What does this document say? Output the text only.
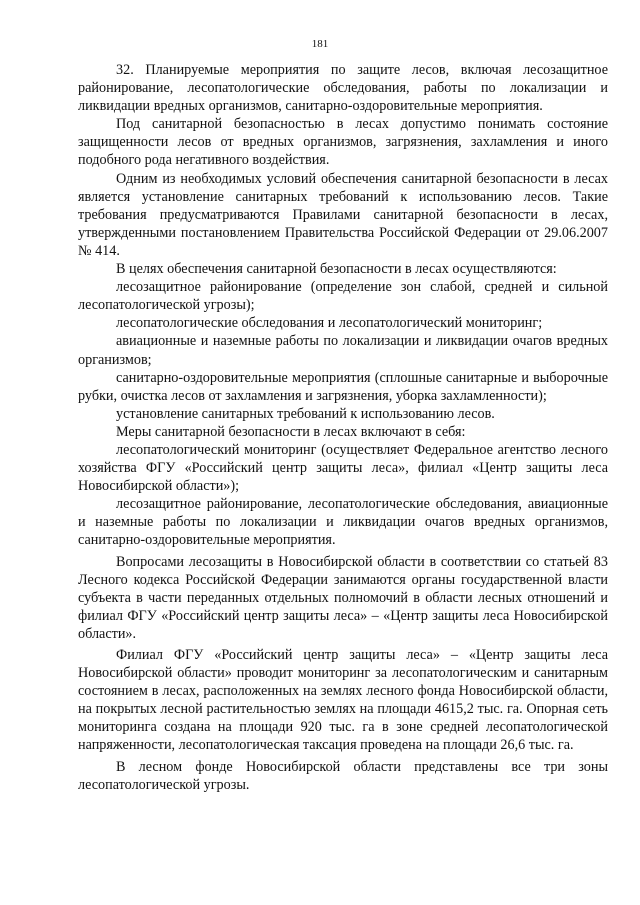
181

32. Планируемые мероприятия по защите лесов, включая лесозащитное районирование, лесопатологические обследования, работы по локализации и ликвидации вредных организмов, санитарно-оздоровительные мероприятия.

Под санитарной безопасностью в лесах допустимо понимать состояние защищенности лесов от вредных организмов, загрязнения, захламления и иного подобного рода негативного воздействия.

Одним из необходимых условий обеспечения санитарной безопасности в лесах является установление санитарных требований к использованию лесов. Такие требования предусматриваются Правилами санитарной безопасности в лесах, утвержденными постановлением Правительства Российской Федерации от 29.06.2007 № 414.

В целях обеспечения санитарной безопасности в лесах осуществляются:

лесозащитное районирование (определение зон слабой, средней и сильной лесопатологической угрозы);

лесопатологические обследования и лесопатологический мониторинг;

авиационные и наземные работы по локализации и ликвидации очагов вредных организмов;

санитарно-оздоровительные мероприятия (сплошные санитарные и выборочные рубки, очистка лесов от захламления и загрязнения, уборка захламленности);

установление санитарных требований к использованию лесов.

Меры санитарной безопасности в лесах включают в себя:

лесопатологический мониторинг (осуществляет Федеральное агентство лесного хозяйства ФГУ «Российский центр защиты леса», филиал «Центр защиты леса Новосибирской области»);

лесозащитное районирование, лесопатологические обследования, авиационные и наземные работы по локализации и ликвидации очагов вредных организмов, санитарно-оздоровительные мероприятия.

Вопросами лесозащиты в Новосибирской области в соответствии со статьей 83 Лесного кодекса Российской Федерации занимаются органы государственной власти субъекта в части переданных отдельных полномочий в области лесных отношений и филиал ФГУ «Российский центр защиты леса» – «Центр защиты леса Новосибирской области».

Филиал ФГУ «Российский центр защиты леса» – «Центр защиты леса Новосибирской области» проводит мониторинг за лесопатологическим и санитарным состоянием в лесах, расположенных на землях лесного фонда Новосибирской области, на покрытых лесной растительностью землях на площади 4615,2 тыс. га. Опорная сеть мониторинга создана на площади 920 тыс. га в зоне средней лесопатологической напряженности, лесопатологическая таксация проведена на площади 26,6 тыс. га.

В лесном фонде Новосибирской области представлены все три зоны лесопатологической угрозы.
